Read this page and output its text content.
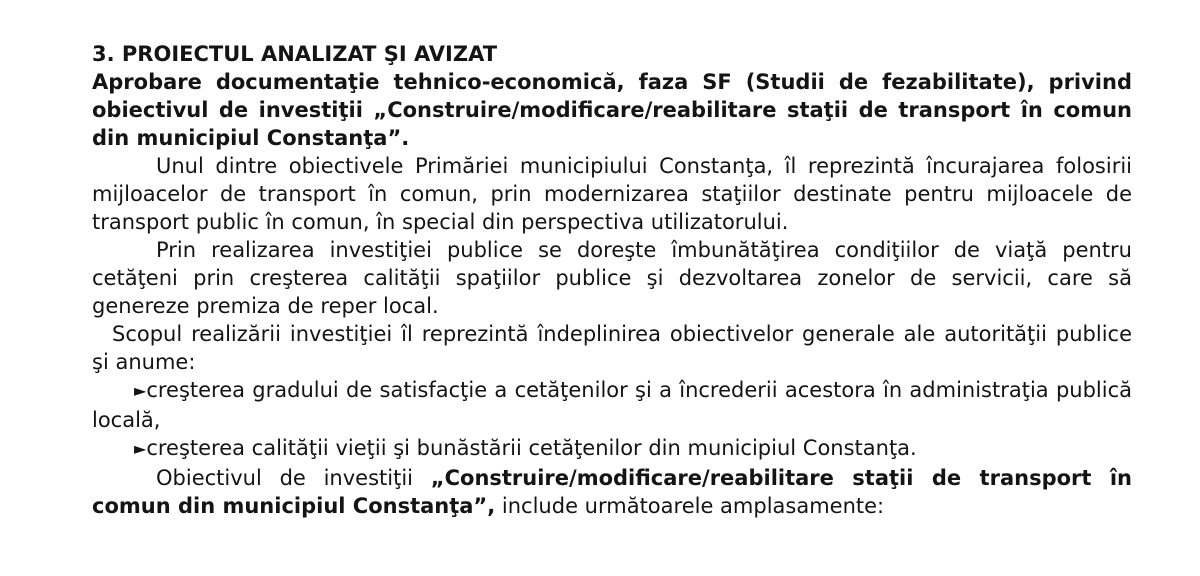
3. PROIECTUL ANALIZAT ŞI AVIZAT

Aprobare documentaţie tehnico-economică, faza SF (Studii de fezabilitate), privind obiectivul de investiţii „Construire/modificare/reabilitare staţii de transport în comun din municipiul Constanţa”.

Unul dintre obiectivele Primăriei municipiului Constanţa, îl reprezintă încurajarea folosirii mijloacelor de transport în comun, prin modernizarea staţiilor destinate pentru mijloacele de transport public în comun, în special din perspectiva utilizatorului.

Prin realizarea investiţiei publice se doreşte îmbunătăţirea condiţiilor de viaţă pentru cetăţeni prin creşterea calităţii spaţiilor publice şi dezvoltarea zonelor de servicii, care să genereze premiza de reper local.

Scopul realizării investiţiei îl reprezintă îndeplinirea obiectivelor generale ale autorităţii publice şi anume:

►creşterea gradului de satisfacţie a cetăţenilor şi a încrederii acestora în administraţia publică locală,

►creşterea calităţii vieţii şi bunăstării cetăţenilor din municipiul Constanţa.

Obiectivul de investiţii „Construire/modificare/reabilitare staţii de transport în comun din municipiul Constanţa”, include următoarele amplasamente:
